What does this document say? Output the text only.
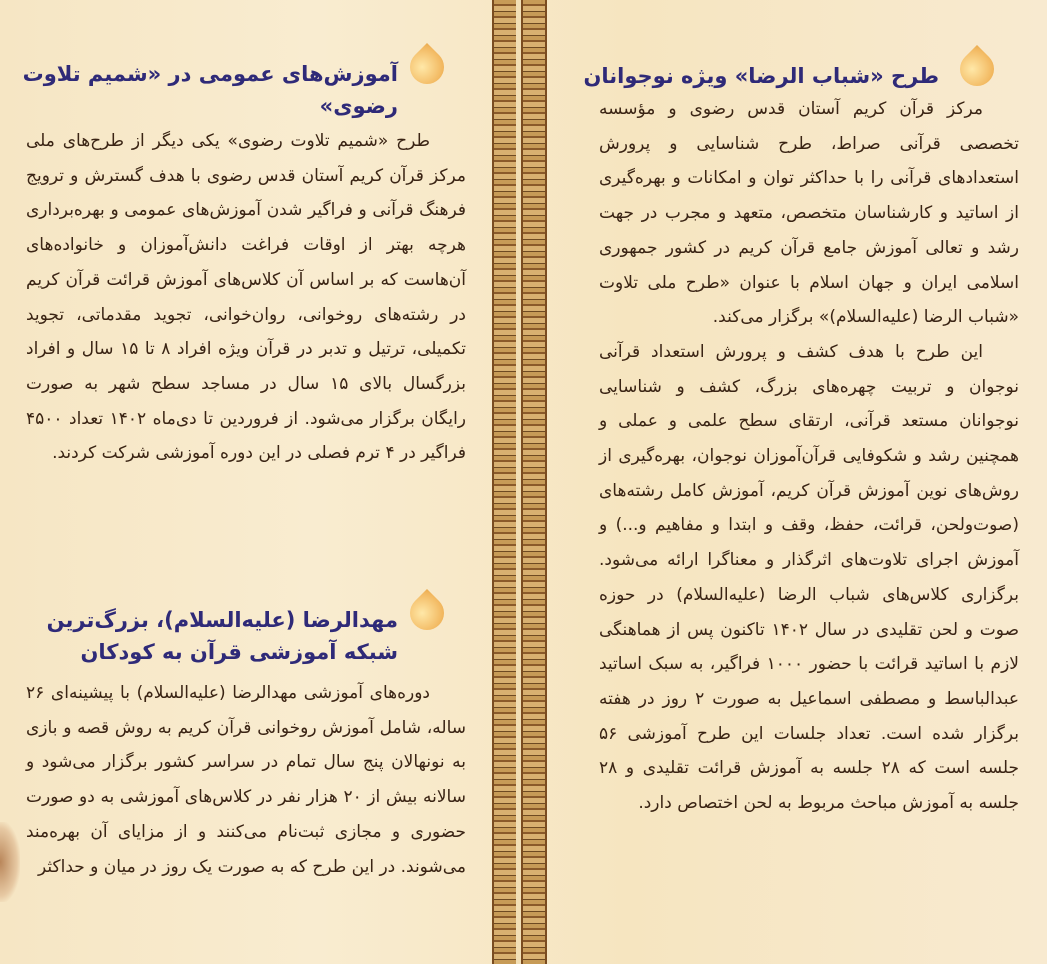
آموزش‌های عمومی در «شمیم تلاوت رضوی»

طرح «شمیم تلاوت رضوی» یکی دیگر از طرح‌های ملی مرکز قرآن کریم آستان قدس رضوی با هدف گسترش و ترویج فرهنگ قرآنی و فراگیر شدن آموزش‌های عمومی و بهره‌برداری هرچه بهتر از اوقات فراغت دانش‌آموزان و خانواده‌های آن‌هاست که بر اساس آن کلاس‌های آموزش قرائت قرآن کریم در رشته‌های روخوانی، روان‌خوانی، تجوید مقدماتی، تجوید تکمیلی، ترتیل و تدبر در قرآن ویژه افراد ۸ تا ۱۵ سال و افراد بزرگسال بالای ۱۵ سال در مساجد سطح شهر به صورت رایگان برگزار می‌شود. از فروردین تا دی‌ماه ۱۴۰۲ تعداد ۴۵۰۰ فراگیر در ۴ ترم فصلی در این دوره آموزشی شرکت کردند.

مهدالرضا (علیه‌السلام)، بزرگ‌ترین شبکه آموزشی قرآن به کودکان

دوره‌های آموزشی مهدالرضا (علیه‌السلام) با پیشینه‌ای ۲۶ ساله، شامل آموزش روخوانی قرآن کریم به روش قصه و بازی به نونهالان پنج سال تمام در سراسر کشور برگزار می‌شود و سالانه بیش از ۲۰ هزار نفر در کلاس‌های آموزشی به دو صورت حضوری و مجازی ثبت‌نام می‌کنند و از مزایای آن بهره‌مند می‌شوند. در این طرح که به صورت یک روز در میان و حداکثر

طرح «شباب الرضا» ویژه نوجوانان

مرکز قرآن کریم آستان قدس رضوی و مؤسسه تخصصی قرآنی صراط، طرح شناسایی و پرورش استعدادهای قرآنی را با حداکثر توان و امکانات و بهره‌گیری از اساتید و کارشناسان متخصص، متعهد و مجرب در جهت رشد و تعالی آموزش جامع قرآن کریم در کشور جمهوری اسلامی ایران و جهان اسلام با عنوان «طرح ملی تلاوت «شباب الرضا (علیه‌السلام)» برگزار می‌کند.

این طرح با هدف کشف و پرورش استعداد قرآنی نوجوان و تربیت چهره‌های بزرگ، کشف و شناسایی نوجوانان مستعد قرآنی، ارتقای سطح علمی و عملی و همچنین رشد و شکوفایی قرآن‌آموزان نوجوان، بهره‌گیری از روش‌های نوین آموزش قرآن کریم، آموزش کامل رشته‌های (صوت‌ولحن، قرائت، حفظ، وقف و ابتدا و مفاهیم و...) و آموزش اجرای تلاوت‌های اثرگذار و معناگرا ارائه می‌شود. برگزاری کلاس‌های شباب الرضا (علیه‌السلام) در حوزه صوت و لحن تقلیدی در سال ۱۴۰۲ تاکنون پس از هماهنگی لازم با اساتید قرائت با حضور ۱۰۰۰ فراگیر، به سبک اساتید عبدالباسط و مصطفی اسماعیل به صورت ۲ روز در هفته برگزار شده است. تعداد جلسات این طرح آموزشی ۵۶ جلسه است که ۲۸ جلسه به آموزش قرائت تقلیدی و ۲۸ جلسه به آموزش مباحث مربوط به لحن اختصاص دارد.
